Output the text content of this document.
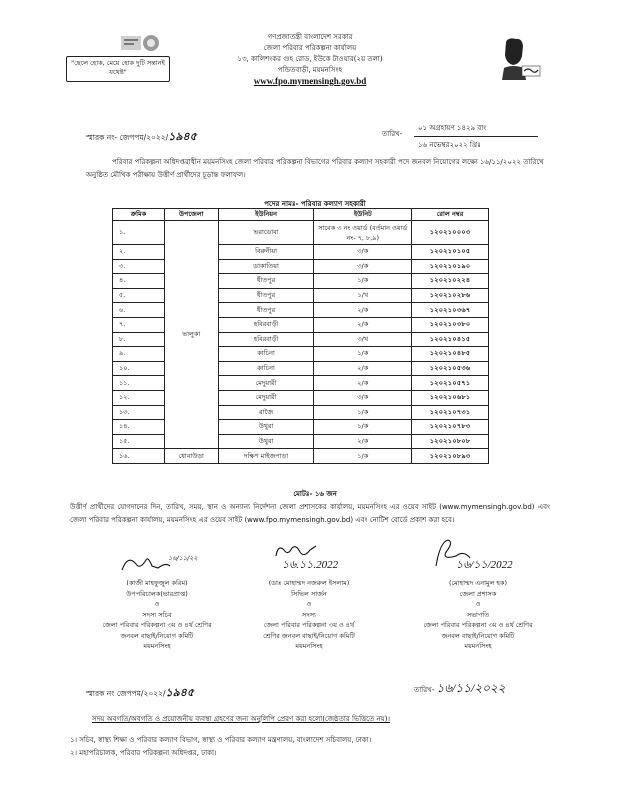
"ছেলে হোক, মেয়ে হোক দুটি সন্তানই যথেষ্ট"
গণপ্রজাতন্ত্রী বাংলাদেশ সরকার
জেলা পরিবার পরিকল্পনা কার্যালয়
১৩, কালিশংকর গুহ রোড, ইউকে টাওয়ার(২য় তলা)
পন্ডিতবাড়ী, ময়মনসিংহ
www.fpo.mymensingh.gov.bd
স্মারক নং- জেপপম/২০২২/১৯৪৫	তারিখ-
০১ অগ্রহায়ণ ১৪২৯ বাং
১৬ নভেম্বর২০২২ খ্রিঃ
পরিবার পরিকল্পনা অধিদপ্তরাধীন ময়মনসিংহ জেলা পরিবার পরিকল্পনা বিভাগের পরিবার কল্যাণ সহকারী পদে জনবল নিয়োগের লক্ষ্যে ১৬/১১/২০২২ তারিখে অনুষ্ঠিত মৌখিক পরীক্ষায় উত্তীর্ণ প্রার্থীদের চূড়ান্ত ফলাফল।
পদের নামঃ- পরিবার কল্যাণ সহকারী
ক্রমিক	উপজেলা	ইউনিয়ন	ইউনিট	রোল নম্বর
১.	ভালুকা	ভরাডোবা	সাবেক ৩ নং ওয়ার্ড (বর্তমান ওয়ার্ড নং- ৭, ৮,৯)	১২০২১০০০৩
২.		বিরুনীয়া	৩/ক	১২০২১০১০৫
৩.		ডাকাতিয়া	৩/ক	১২০২১০১৯০
৪.		ধীতপুর	১/ক	১২০২১০২২৪
৫.		ধীতপুর	১/খ	১২০২১০২৮৬
৬.		ধীতপুর	২/ক	১২০২১০৩৬৭
৭.		হবিরবাড়ী	২/ক	১২০২১০৩৮০
৮.		হবিরবাড়ী	৩/খ	১২০২১০৪১৫
৯.		কাচিনা	১/ক	১২০২১০৪৮৫
১০.		কাচিনা	২/ক	১২০২১০৫৩৬
১১.		মেদুয়ারী	২/ক	১২০২১০৫৭১
১২.		মেদুয়ারী	৩/ক	১২০২১০৬৮১
১৩.		রাজৈ	১/ক	১২০২১০৭৩১
১৪.		উথুরা	১/ক	১২০২১০৭৮৩
১৫.		উথুরা	২/ক	১২০২১০৮০৮
১৬.	ধোবাউড়া	দক্ষিণ মাইজপাড়া	১/ক	১২০২১০৮৯৩
মোটঃ- ১৬ জন
উত্তীর্ণ প্রার্থীদের যোগদানের দিন, তারিখ, সময়, স্থান ও অন্যান্য নির্দেশনা জেলা প্রশাসকের কার্যালয়, ময়মনসিংহ এর ওয়েব সাইট (www.mymensingh.gov.bd) এবং জেলা পরিবার পরিকল্পনা কার্যালয়, ময়মনসিংহ এর ওয়েব সাইট (www.fpo.mymensingh.gov.bd) এবং নোটিশ বোর্ডে প্রকাশ করা হবে।
১৬/১১/২২
১৬.১১.2022	১৬/১১/2022
(কাজী মাহফুজুল করিম)
উপপরিচালক(ভারপ্রাপ্ত)
ও
সদস্য সচিব
জেলা পরিবার পরিকল্পনা ৩য় ও ৪র্থ শ্রেণির
জনবল বাছাই/নিয়োগ কমিটি
ময়মনসিংহ
(ডাঃ মোহাম্মদ নজরুল ইসলাম)
সিভিল সার্জন
ও
সদস্য
জেলা পরিবার পরিকল্পনা ৩য় ও ৪র্থ
শ্রেণির জনবল বাছাই/নিয়োগ কমিটি
ময়মনসিংহ
(মোহাম্মদ এনামুল হক)
জেলা প্রশাসক
ও
সভাপতি
জেলা পরিবার পরিকল্পনা ৩য় ও ৪র্থ শ্রেণির
জনবল বাছাই/নিয়োগ কমিটি
ময়মনসিংহ
স্মারক নং জেপপম/২০২২/১৯৪৫	তারিখ- ১৬/১১/২০২২
সদয় অবগতি/অবগতি ও প্রয়োজনীয় ব্যবস্থা গ্রহণের জন্য অনুলিপি প্রেরণ করা হলো(জেষ্ঠতার ভিত্তিতে নয়)।
১। সচিব, স্বাস্থ্য শিক্ষা ও পরিবার কল্যাণ বিভাগ, স্বাস্থ্য ও পরিবার কল্যাণ মন্ত্রণালয়, বাংলাদেশ সচিবালয়, ঢাকা।
২। মহাপরিচালক, পরিবার পরিকল্পনা অধিদপ্তর, ঢাকা।
